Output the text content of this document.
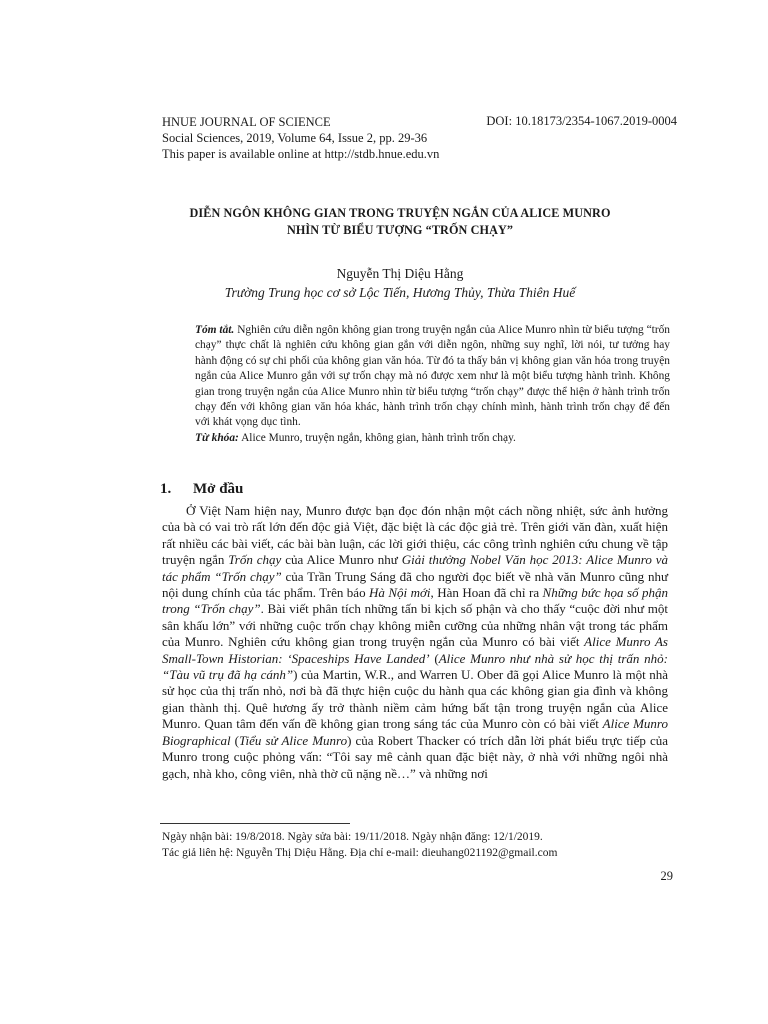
HNUE JOURNAL OF SCIENCE
Social Sciences, 2019, Volume 64, Issue 2, pp. 29-36
This paper is available online at http://stdb.hnue.edu.vn
DOI: 10.18173/2354-1067.2019-0004
DIỄN NGÔN KHÔNG GIAN TRONG TRUYỆN NGẮN CỦA ALICE MUNRO
NHÌN TỪ BIỂU TƯỢNG “TRỐN CHẠY”
Nguyễn Thị Diệu Hằng
Trường Trung học cơ sở Lộc Tiến, Hương Thủy, Thừa Thiên Huế

Tóm tắt. Nghiên cứu diễn ngôn không gian trong truyện ngắn của Alice Munro nhìn từ biểu tượng “trốn chạy” thực chất là nghiên cứu không gian gắn với diễn ngôn, những suy nghĩ, lời nói, tư tưởng hay hành động có sự chi phối của không gian văn hóa. Từ đó ta thấy bản vị không gian văn hóa trong truyện ngắn của Alice Munro gắn với sự trốn chạy mà nó được xem như là một biểu tượng hành trình. Không gian trong truyện ngắn của Alice Munro nhìn từ biểu tượng “trốn chạy” được thể hiện ở hành trình trốn chạy đến với không gian văn hóa khác, hành trình trốn chạy chính mình, hành trình trốn chạy để đến với khát vọng dục tình.

Từ khóa: Alice Munro, truyện ngắn, không gian, hành trình trốn chạy.

1. Mở đầu

Ở Việt Nam hiện nay, Munro được bạn đọc đón nhận một cách nồng nhiệt, sức ảnh hưởng của bà có vai trò rất lớn đến độc giả Việt, đặc biệt là các độc giả trẻ. Trên giới văn đàn, xuất hiện rất nhiều các bài viết, các bài bàn luận, các lời giới thiệu, các công trình nghiên cứu chung về tập truyện ngắn Trốn chạy của Alice Munro như Giải thưởng Nobel Văn học 2013: Alice Munro và tác phẩm “Trốn chạy” của Trần Trung Sáng đã cho người đọc biết về nhà văn Munro cũng như nội dung chính của tác phẩm. Trên báo Hà Nội mới, Hàn Hoan đã chỉ ra Những bức họa số phận trong “Trốn chạy”. Bài viết phân tích những tấn bi kịch số phận và cho thấy “cuộc đời như một sân khấu lớn” với những cuộc trốn chạy không miễn cưỡng của những nhân vật trong tác phẩm của Munro. Nghiên cứu không gian trong truyện ngắn của Munro có bài viết Alice Munro As Small-Town Historian: ‘Spaceships Have Landed’ (Alice Munro như nhà sử học thị trấn nhỏ: “Tàu vũ trụ đã hạ cánh”) của Martin, W.R., and Warren U. Ober đã gọi Alice Munro là một nhà sử học của thị trấn nhỏ, nơi bà đã thực hiện cuộc du hành qua các không gian gia đình và không gian thành thị. Quê hương ấy trở thành niềm cảm hứng bất tận trong truyện ngắn của Alice Munro. Quan tâm đến vấn đề không gian trong sáng tác của Munro còn có bài viết Alice Munro Biographical (Tiểu sử Alice Munro) của Robert Thacker có trích dẫn lời phát biểu trực tiếp của Munro trong cuộc phỏng vấn: “Tôi say mê cảnh quan đặc biệt này, ở nhà với những ngôi nhà gạch, nhà kho, công viên, nhà thờ cũ nặng nề…” và những nơi

Ngày nhận bài: 19/8/2018. Ngày sửa bài: 19/11/2018. Ngày nhận đăng: 12/1/2019.
Tác giả liên hệ: Nguyễn Thị Diệu Hằng. Địa chỉ e-mail: dieuhang021192@gmail.com
29
